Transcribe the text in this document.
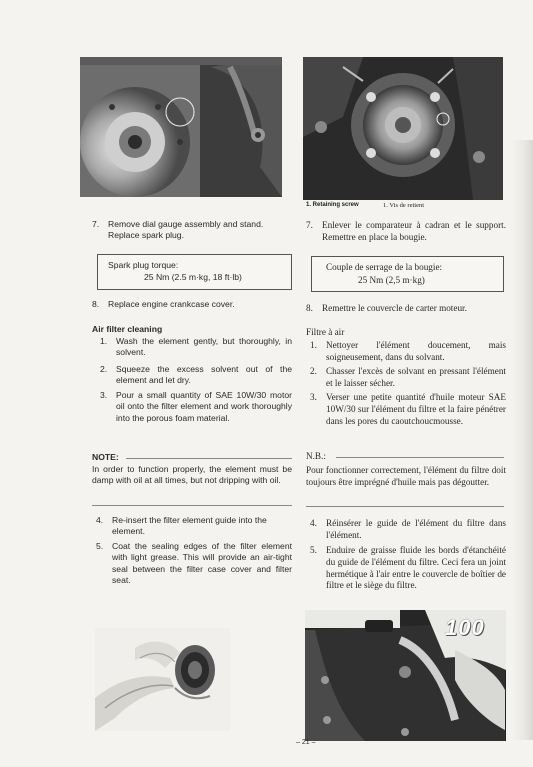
1. Retaining screw	1. Vis de retient
7. Remove dial gauge assembly and stand. Replace spark plug.
Spark plug torque:
25 Nm (2.5 m·kg, 18 ft·lb)
8. Replace engine crankcase cover.
Air filter cleaning
1. Wash the element gently, but thoroughly, in solvent.
2. Squeeze the excess solvent out of the element and let dry.
3. Pour a small quantity of SAE 10W/30 motor oil onto the filter element and work thoroughly into the porous foam material.
NOTE:
In order to function properly, the element must be damp with oil at all times, but not dripping with oil.
4. Re-insert the filter element guide into the element.
5. Coat the sealing edges of the filter element with light grease. This will provide an air-tight seal between the filter case cover and filter seat.
7. Enlever le comparateur à cadran et le support. Remettre en place la bougie.
Couple de serrage de la bougie:
25 Nm (2,5 m·kg)
8. Remettre le couvercle de carter moteur.
Filtre à air
1. Nettoyer l'élément doucement, mais soigneusement, dans du solvant.
2. Chasser l'excès de solvant en pressant l'élément et le laisser sécher.
3. Verser une petite quantité d'huile moteur SAE 10W/30 sur l'élément du filtre et la faire pénétrer dans les pores du caoutchoucmousse.
N.B.:
Pour fonctionner correctement, l'élément du filtre doit toujours être imprégné d'huile mais pas dégoutter.
4. Réinsérer le guide de l'élément du filtre dans l'élément.
5. Enduire de graisse fluide les bords d'étanchéité du guide de l'élément du filtre. Ceci fera un joint hermétique à l'air entre le couvercle de boîtier de filtre et le siège du filtre.
100
– 21 –
